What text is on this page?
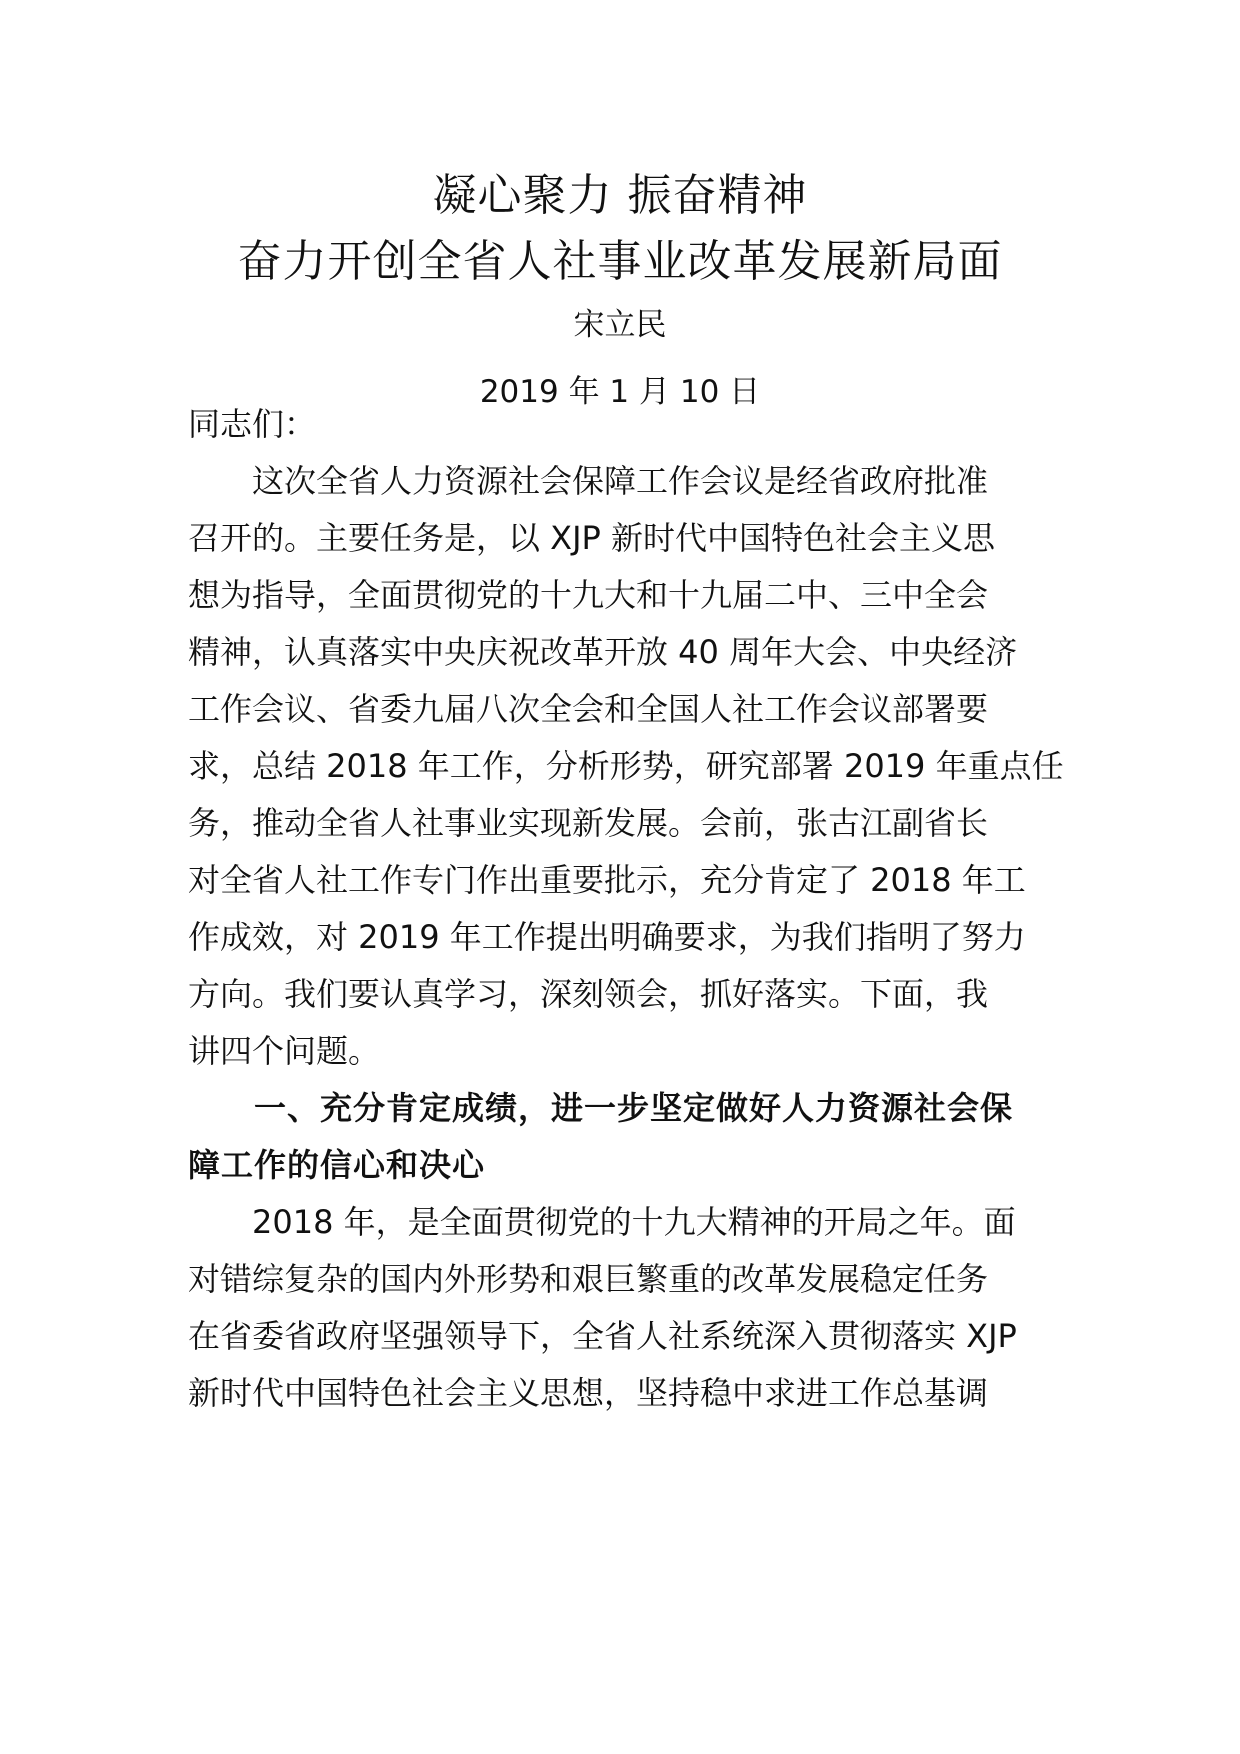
凝心聚力 振奋精神
奋力开创全省人社事业改革发展新局面
宋立民
2019 年 1 月 10 日
同志们：
　　这次全省人力资源社会保障工作会议是经省政府批准
召开的。主要任务是，以 XJP 新时代中国特色社会主义思
想为指导，全面贯彻党的十九大和十九届二中、三中全会
精神，认真落实中央庆祝改革开放 40 周年大会、中央经济
工作会议、省委九届八次全会和全国人社工作会议部署要
求，总结 2018 年工作，分析形势，研究部署 2019 年重点任
务，推动全省人社事业实现新发展。会前，张古江副省长
对全省人社工作专门作出重要批示，充分肯定了 2018 年工
作成效，对 2019 年工作提出明确要求，为我们指明了努力
方向。我们要认真学习，深刻领会，抓好落实。下面，我
讲四个问题。
　　一、充分肯定成绩，进一步坚定做好人力资源社会保
障工作的信心和决心
　　2018 年，是全面贯彻党的十九大精神的开局之年。面
对错综复杂的国内外形势和艰巨繁重的改革发展稳定任务
在省委省政府坚强领导下，全省人社系统深入贯彻落实 XJP
新时代中国特色社会主义思想，坚持稳中求进工作总基调
